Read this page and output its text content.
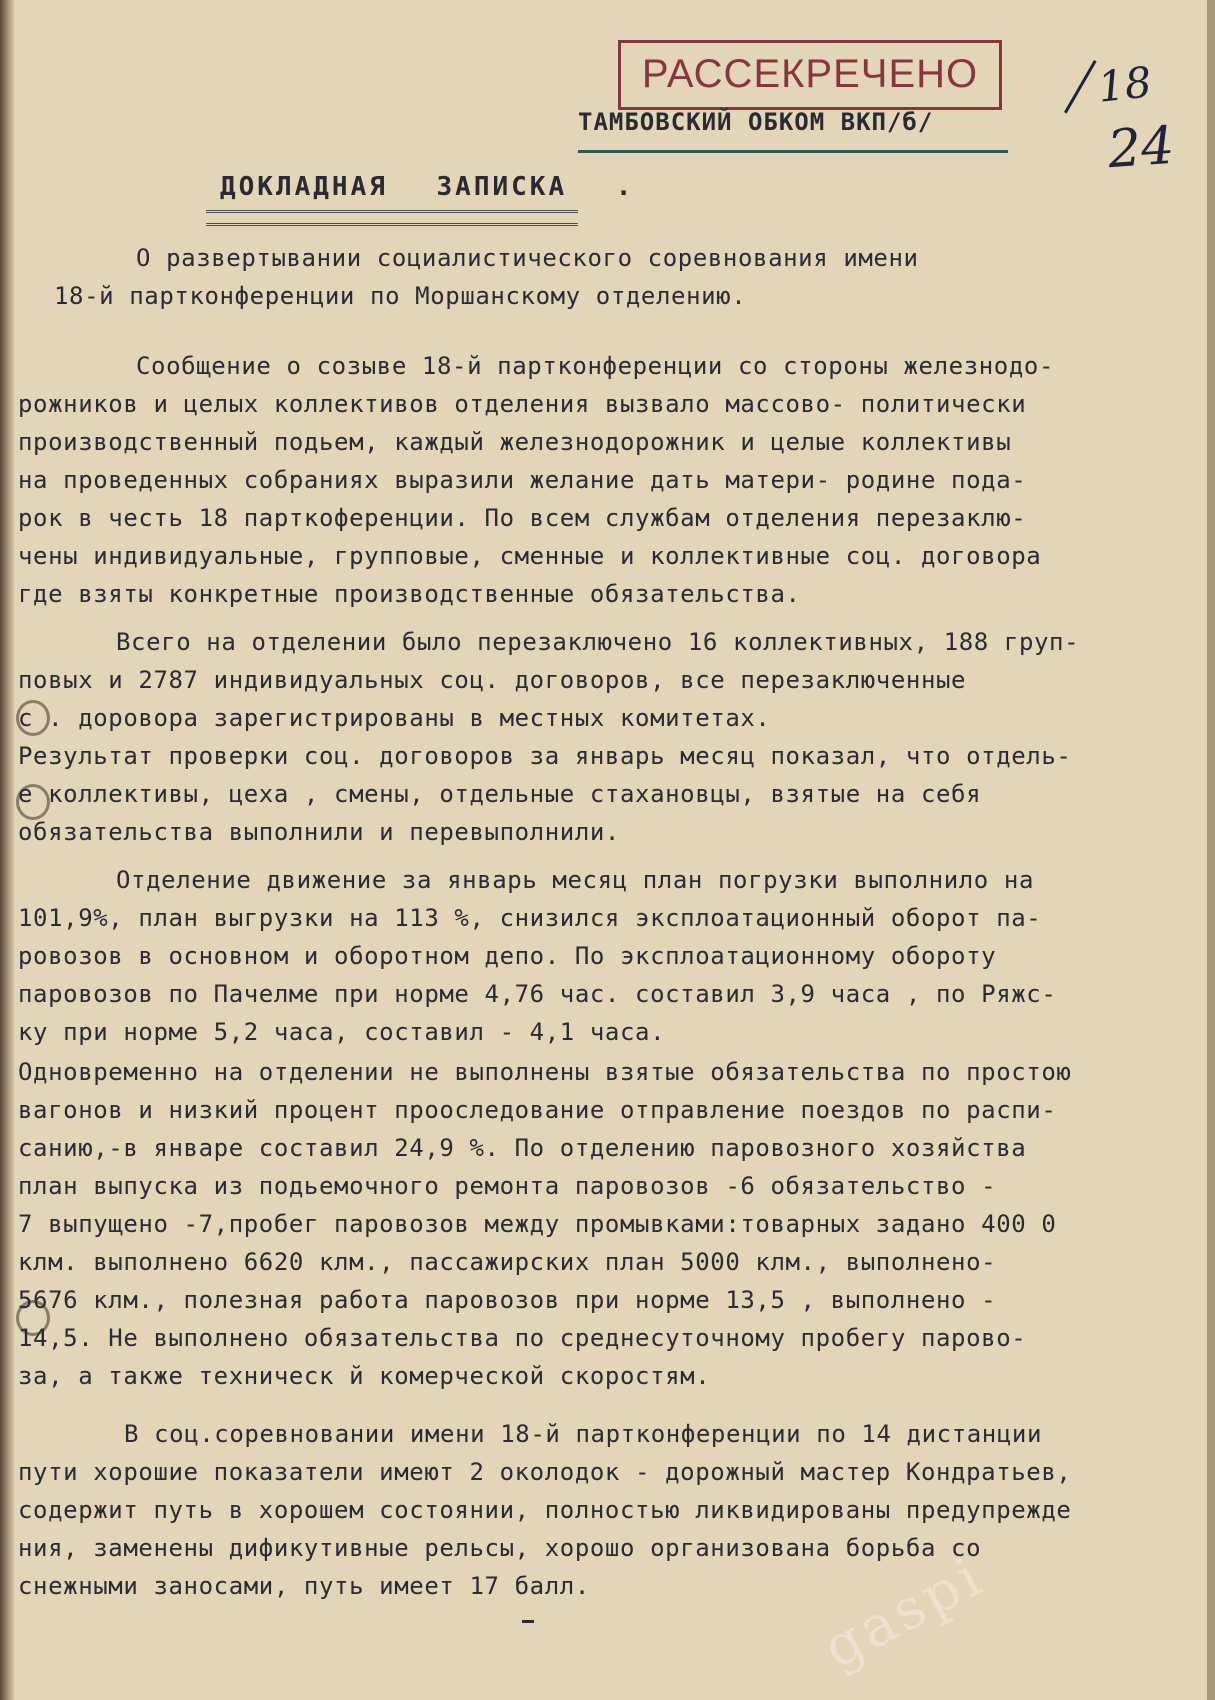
РАССЕКРЕЧЕНО
ТАМБОВСКИЙ ОБКОМ ВКП/б/
18
24
ДОКЛАДНАЯ ЗАПИСКА .
О развертывании социалистического соревнования имени
18-й партконференции по Моршанскому отделению.
Сообщение о созыве 18-й партконференции со стороны железнодо-
рожников и целых коллективов отделения вызвало массово- политически
производственный подьем, каждый железнодорожник и целые коллективы
на проведенных собраниях выразили желание дать матери- родине пода-
рок в честь 18 парткоференции. По всем службам отделения перезаклю-
чены индивидуальные, групповые, сменные и коллективные соц. договора
где взяты конкретные производственные обязательства.
Всего на отделении было перезаключено 16 коллективных, 188 груп-
повых и 2787 индивидуальных соц. договоров, все перезаключенные
с . доровора зарегистрированы в местных комитетах.
Результат проверки соц. договоров за январь месяц показал, что отдель-
е коллективы, цеха , смены, отдельные стахановцы, взятые на себя
обязательства выполнили и перевыполнили.
Отделение движение за январь месяц план погрузки выполнило на
101,9%, план выгрузки на 113 %, снизился эксплоатационный оборот па-
ровозов в основном и оборотном депо. По эксплоатационному обороту
паровозов по Пачелме при норме 4,76 час. составил 3,9 часа , по Ряжс-
ку при норме 5,2 часа, составил - 4,1 часа.
Одновременно на отделении не выполнены взятые обязательства по простою
вагонов и низкий процент прооследование отправление поездов по распи-
санию,-в январе составил 24,9 %. По отделению паровозного хозяйства
план выпуска из подьемочного ремонта паровозов -6 обязательство -
7 выпущено -7,пробег паровозов между промывками:товарных задано 400 0
клм. выполнено 6620 клм., пассажирских план 5000 клм., выполнено-
5676 клм., полезная работа паровозов при норме 13,5 , выполнено -
14,5. Не выполнено обязательства по среднесуточному пробегу парово-
за, а также техническ й комерческой скоростям.
В соц.соревновании имени 18-й партконференции по 14 дистанции
пути хорошие показатели имеют 2 околодок - дорожный мастер Кондратьев,
содержит путь в хорошем состоянии, полностью ликвидированы предупрежде
ния, заменены дификутивные рельсы, хорошо организована борьба со
снежными заносами, путь имеет 17 балл.	gaspi
